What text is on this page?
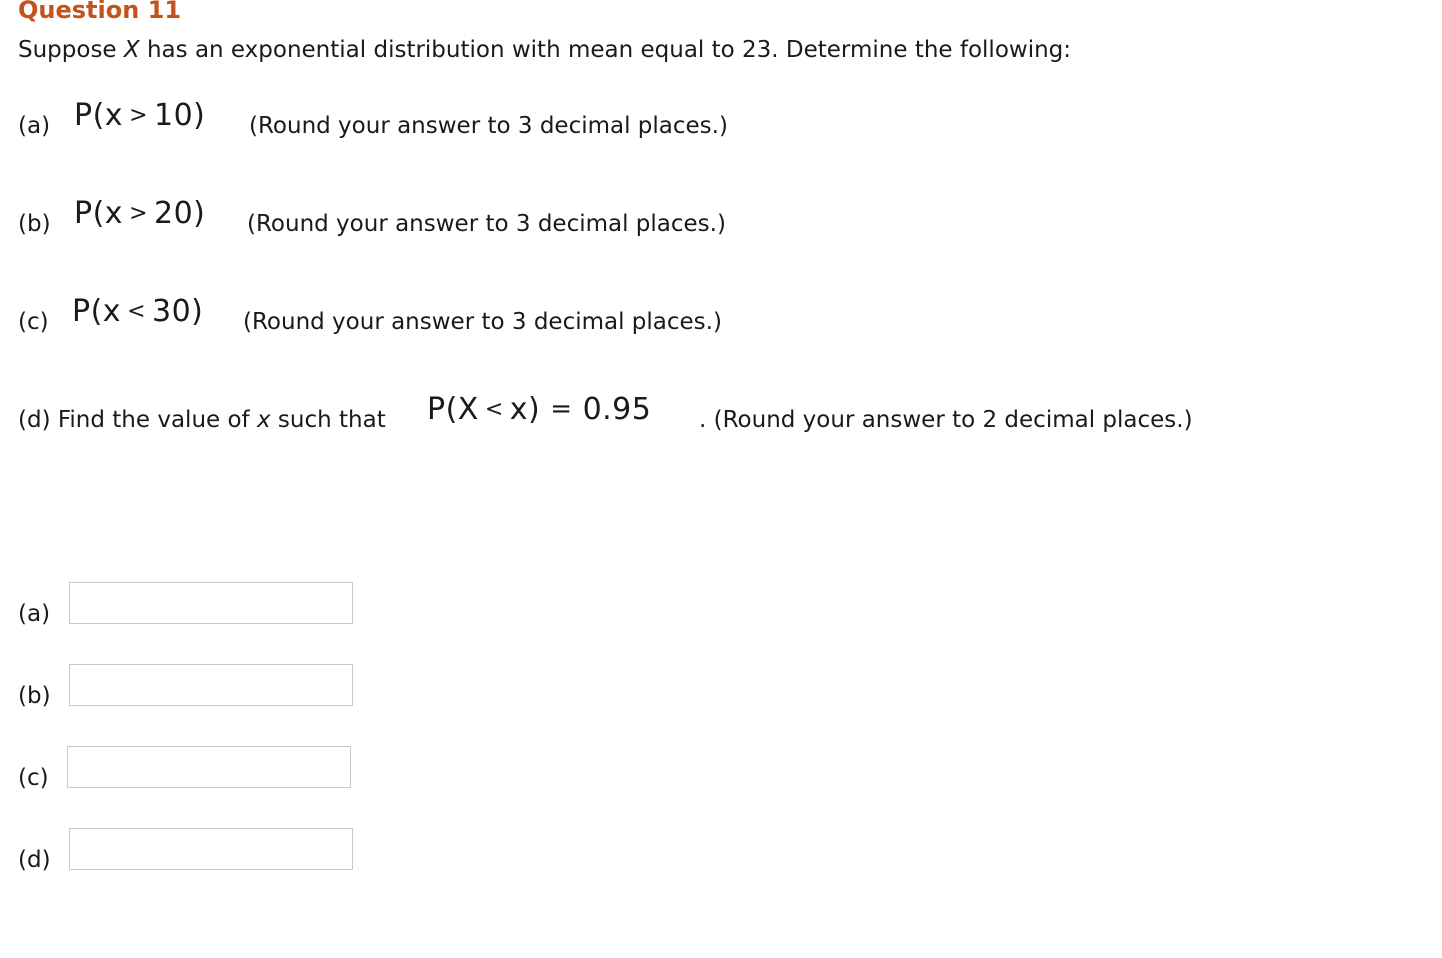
Question 11
Suppose X has an exponential distribution with mean equal to 23. Determine the following:
(a) P(x > 10) (Round your answer to 3 decimal places.)
(b) P(x > 20) (Round your answer to 3 decimal places.)
(c) P(x < 30) (Round your answer to 3 decimal places.)
(d) Find the value of x such that P(X < x) = 0.95 . (Round your answer to 2 decimal places.)
(a)
(b)
(c)
(d)
